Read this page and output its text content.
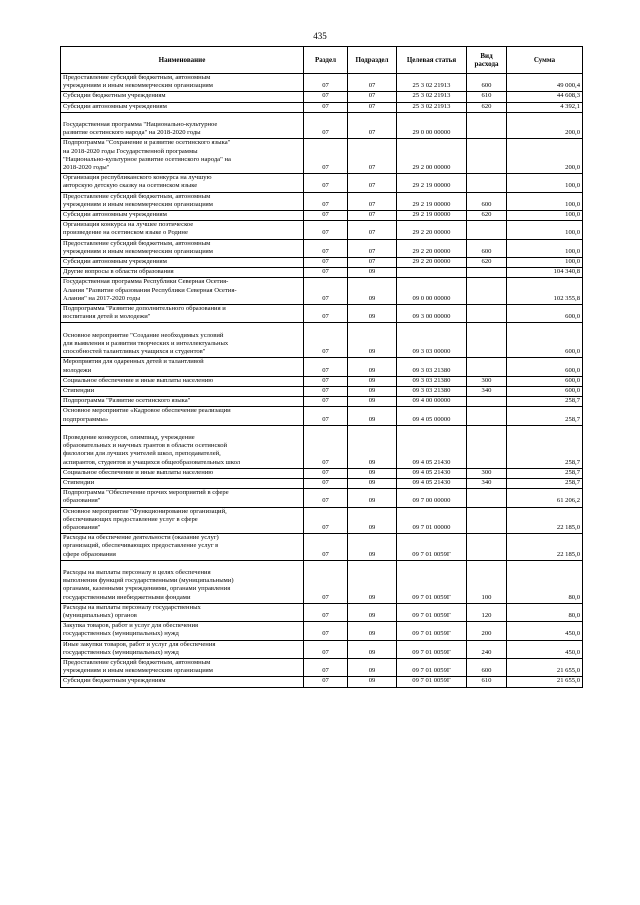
435
Наименование	Раздел	Подраздел	Целевая статья	Вид расхода	Сумма
Предоставление субсидий бюджетным, автономным
учреждениям и иным некоммерческим организациям	07	07	25 3 02 21913	600	49 000,4
Субсидии бюджетным учреждениям	07	07	25 3 02 21913	610	44 608,3
Субсидии автономным учреждениям	07	07	25 3 02 21913	620	4 392,1

Государственная программа "Национально-культурное
развитие осетинского народа" на 2018-2020 годы	07	07	29 0 00 00000		200,0
Подпрограмма "Сохранение и развитие осетинского языка"
на 2018-2020 годы Государственной программы
"Национально-культурное развитие осетинского народа" на
2018-2020 годы"	07	07	29 2 00 00000		200,0
Организация республиканского конкурса на лучшую
авторскую детскую сказку на осетинском языке	07	07	29 2 19 00000		100,0
Предоставление субсидий бюджетным, автономным
учреждениям и иным некоммерческим организациям	07	07	29 2 19 00000	600	100,0
Субсидии автономным учреждениям	07	07	29 2 19 00000	620	100,0
Организация конкурса на лучшее поэтическое
произведение на осетинском языке о Родине	07	07	29 2 20 00000		100,0
Предоставление субсидий бюджетным, автономным
учреждениям и иным некоммерческим организациям	07	07	29 2 20 00000	600	100,0
Субсидии автономным учреждениям	07	07	29 2 20 00000	620	100,0
Другие вопросы в области образования	07	09			104 340,8
Государственная программа Республики Северная Осетия-
Алания "Развитие образования Республики Северная Осетия-
Алания" на 2017-2020 годы	07	09	09 0 00 00000		102 355,8
Подпрограмма "Развитие дополнительного образования и
воспитания детей и молодежи"	07	09	09 3 00 00000		600,0

Основное мероприятие "Создание необходимых условий
для выявления и развития творческих и интеллектуальных
способностей талантливых учащихся и студентов"	07	09	09 3 03 00000		600,0
Мероприятия для одаренных детей и талантливой
молодежи	07	09	09 3 03 21380		600,0
Социальное обеспечение и иные выплаты населению	07	09	09 3 03 21380	300	600,0
Стипендии	07	09	09 3 03 21380	340	600,0
Подпрограмма "Развитие осетинского языка"	07	09	09 4 00 00000		258,7
Основное мероприятие «Кадровое обеспечение реализации
подпрограммы»	07	09	09 4 05 00000		258,7

Проведение конкурсов, олимпиад, учреждение
образовательных и научных грантов в области осетинской
филологии для лучших учителей школ, преподавателей,
аспирантов, студентов и учащихся общеобразовательных школ	07	09	09 4 05 21430		258,7
Социальное обеспечение и иные выплаты населению	07	09	09 4 05 21430	300	258,7
Стипендии	07	09	09 4 05 21430	340	258,7
Подпрограмма "Обеспечение прочих мероприятий в сфере
образования"	07	09	09 7 00 00000		61 206,2
Основное мероприятие "Функционирование организаций,
обеспечивающих предоставление услуг в сфере
образования"	07	09	09 7 01 00000		22 185,0
Расходы на обеспечение деятельности (оказание услуг)
организаций, обеспечивающих предоставление услуг в
сфере образования	07	09	09 7 01 0059Г		22 185,0

Расходы на выплаты персоналу в целях обеспечения
выполнения функций государственными (муниципальными)
органами, казенными учреждениями, органами управления
государственными внебюджетными фондами	07	09	09 7 01 0059Г	100	80,0
Расходы на выплаты персоналу государственных
(муниципальных) органов	07	09	09 7 01 0059Г	120	80,0
Закупка товаров, работ и услуг для обеспечения
государственных (муниципальных) нужд	07	09	09 7 01 0059Г	200	450,0
Иные закупки товаров, работ и услуг для обеспечения
государственных (муниципальных) нужд	07	09	09 7 01 0059Г	240	450,0
Предоставление субсидий бюджетным, автономным
учреждениям и иным некоммерческим организациям	07	09	09 7 01 0059Г	600	21 655,0
Субсидии бюджетным учреждениям	07	09	09 7 01 0059Г	610	21 655,0
